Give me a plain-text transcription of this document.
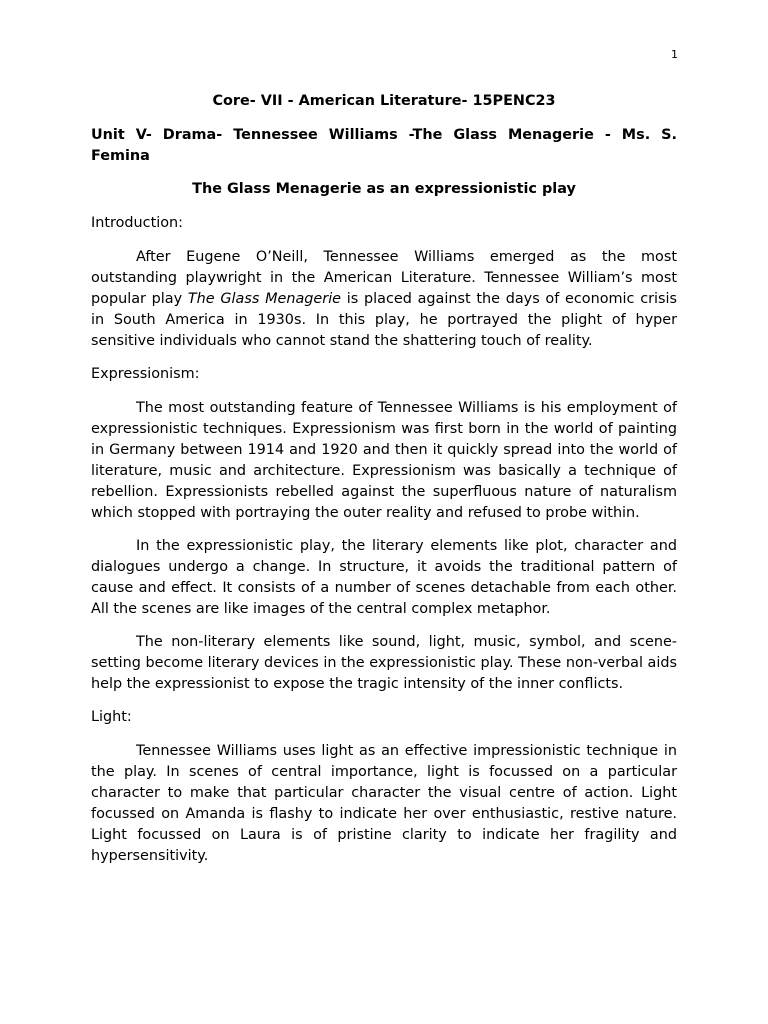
1

Core- VII - American Literature- 15PENC23

Unit V- Drama- Tennessee Williams -The Glass Menagerie - Ms. S. Femina

The Glass Menagerie as an expressionistic play

Introduction:

After Eugene O’Neill, Tennessee Williams emerged as the most outstanding playwright in the American Literature. Tennessee William’s most popular play The Glass Menagerie is placed against the days of economic crisis in South America in 1930s. In this play, he portrayed the plight of hyper sensitive individuals who cannot stand the shattering touch of reality.

Expressionism:

The most outstanding feature of Tennessee Williams is his employment of expressionistic techniques. Expressionism was first born in the world of painting in Germany between 1914 and 1920 and then it quickly spread into the world of literature, music and architecture. Expressionism was basically a technique of rebellion. Expressionists rebelled against the superfluous nature of naturalism which stopped with portraying the outer reality and refused to probe within.

In the expressionistic play, the literary elements like plot, character and dialogues undergo a change. In structure, it avoids the traditional pattern of cause and effect. It consists of a number of scenes detachable from each other. All the scenes are like images of the central complex metaphor.

The non-literary elements like sound, light, music, symbol, and scene-setting become literary devices in the expressionistic play. These non-verbal aids help the expressionist to expose the tragic intensity of the inner conflicts.

Light:

Tennessee Williams uses light as an effective impressionistic technique in the play. In scenes of central importance, light is focussed on a particular character to make that particular character the visual centre of action. Light focussed on Amanda is flashy to indicate her over enthusiastic, restive nature. Light focussed on Laura is of pristine clarity to indicate her fragility and hypersensitivity.
